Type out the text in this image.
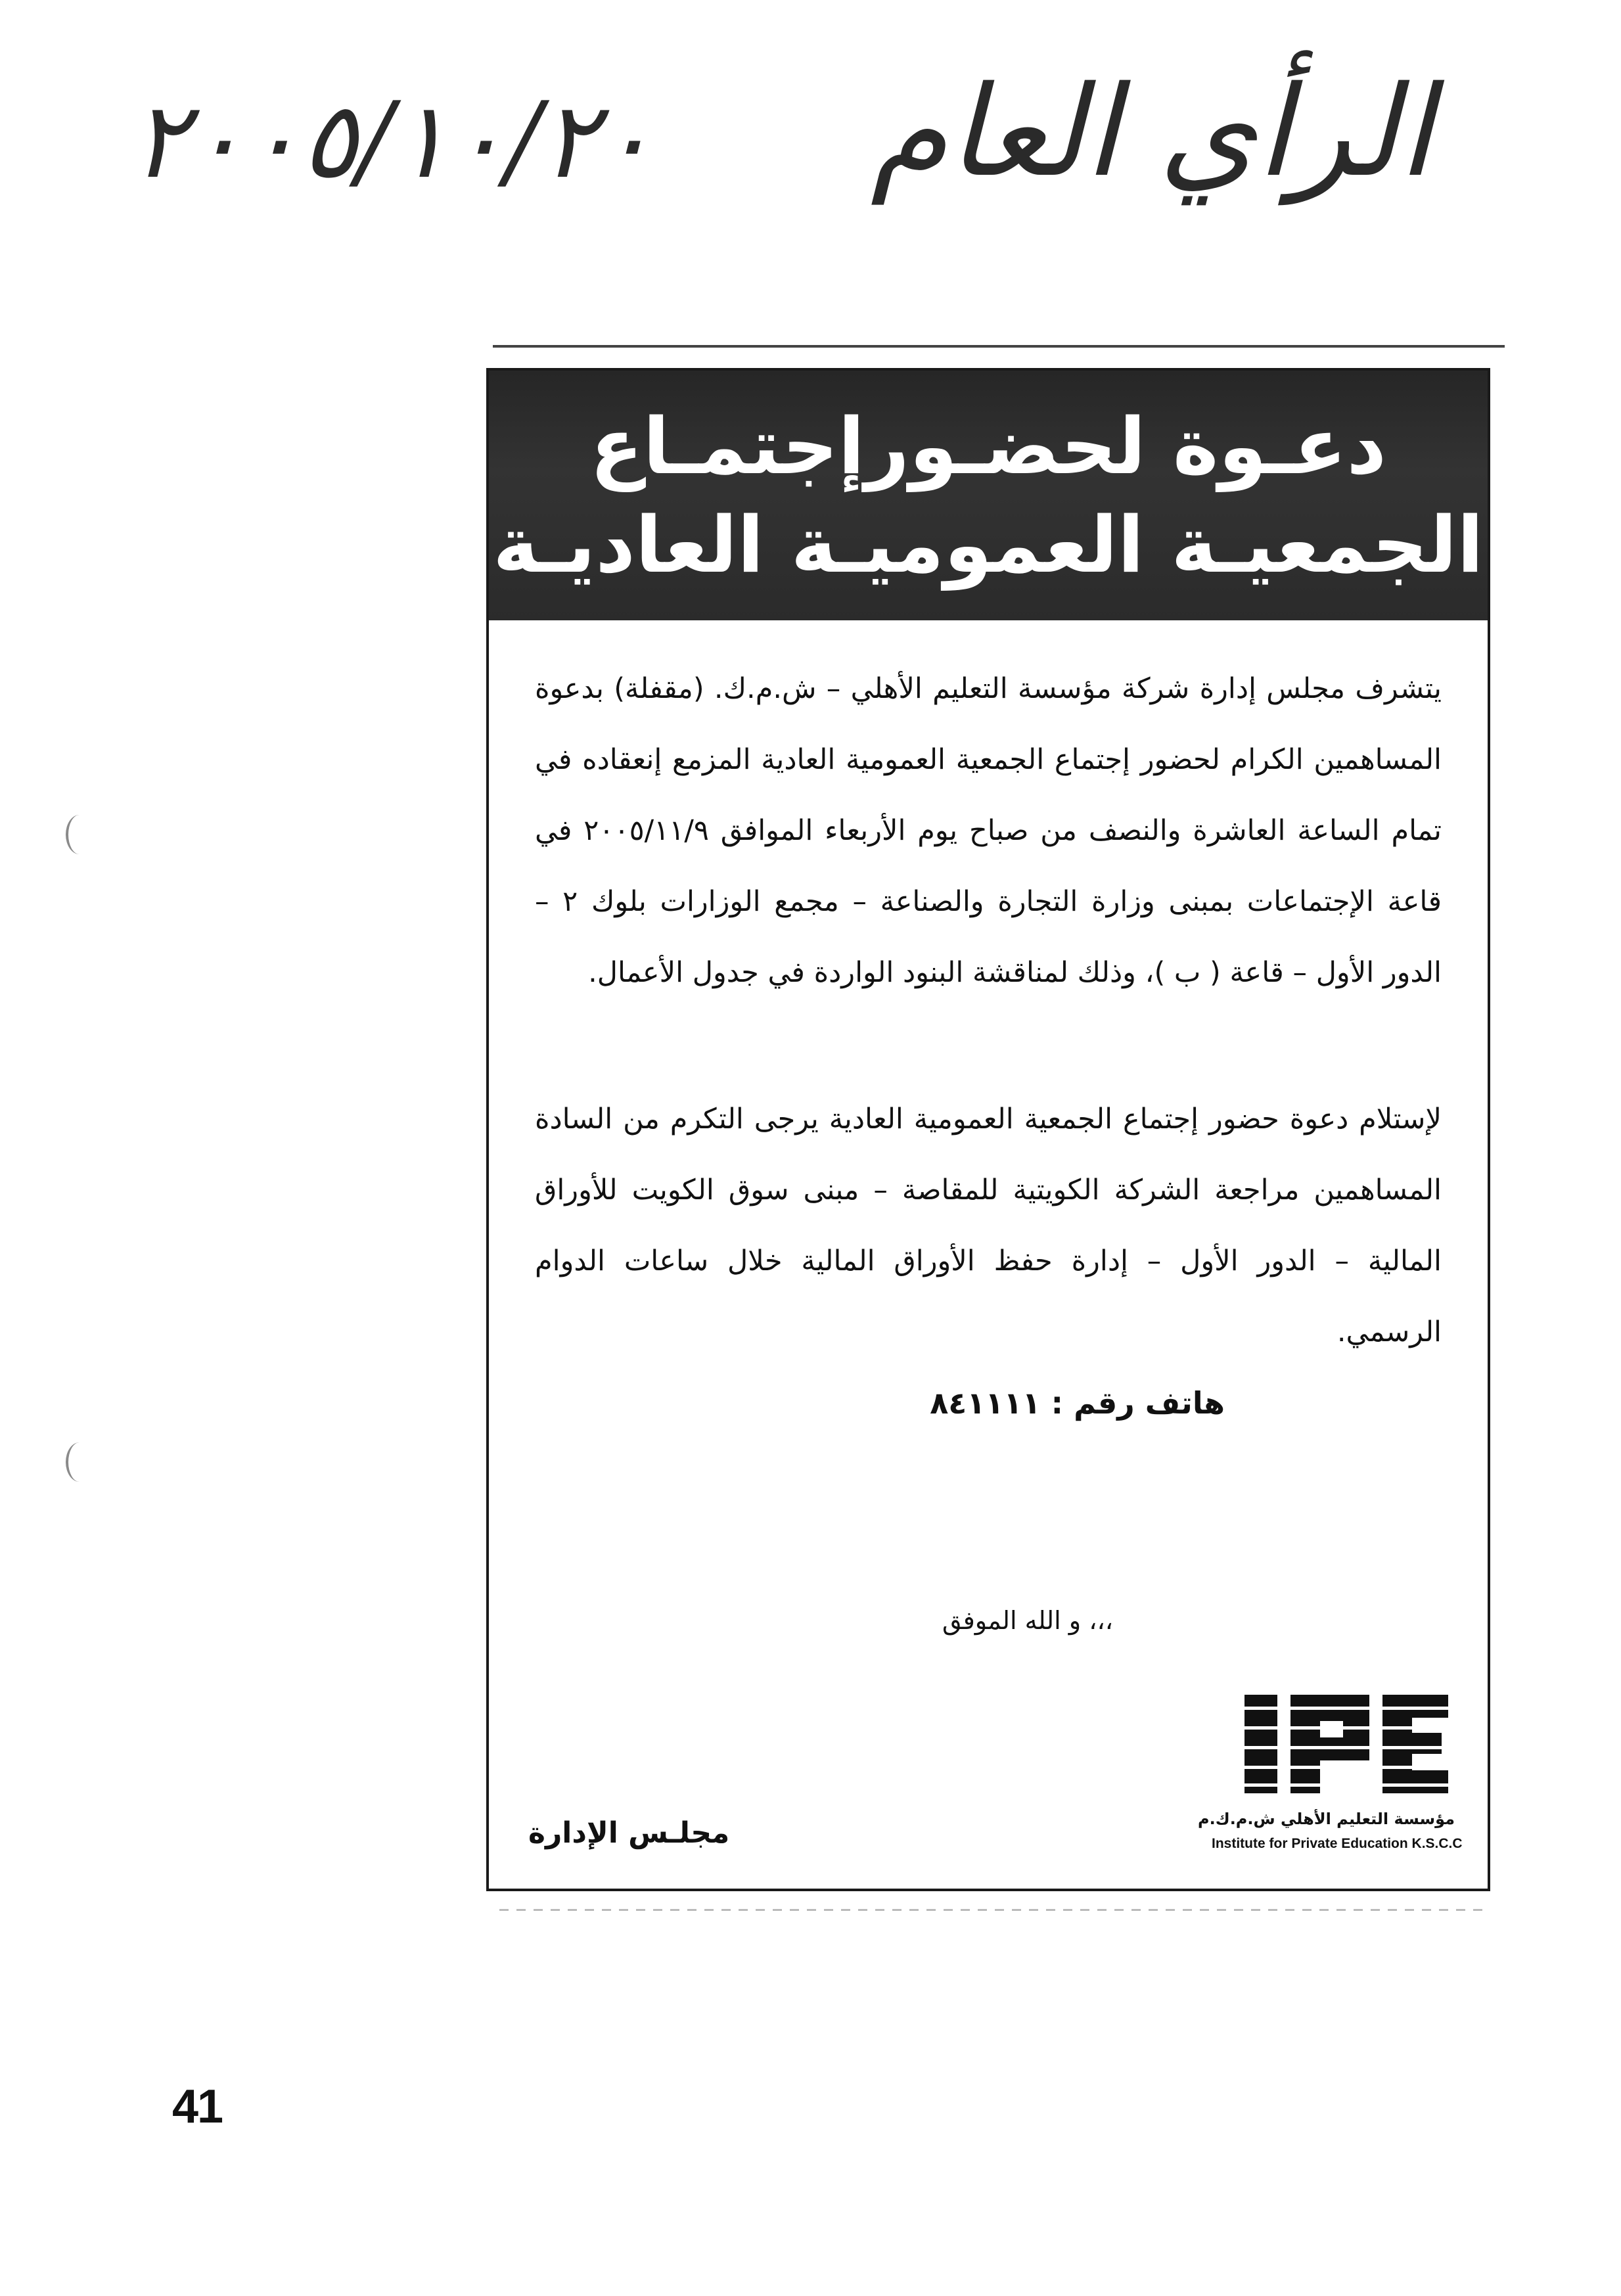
الرأي العام
٢٠٠٥/١٠/٢٠
دعـوة لحضـورإجتمـاع
الجمعيـة العموميـة العاديـة

يتشرف مجلس إدارة شركة مؤسسة التعليم الأهلي – ش.م.ك. (مقفلة) بدعوة المساهمين الكرام لحضور إجتماع الجمعية العمومية العادية المزمع إنعقاده في تمام الساعة العاشرة والنصف من صباح يوم الأربعاء الموافق ٢٠٠٥/١١/٩ في قاعة الإجتماعات بمبنى وزارة التجارة والصناعة – مجمع الوزارات بلوك ٢ – الدور الأول – قاعة ( ب )، وذلك لمناقشة البنود الواردة في جدول الأعمال.

لإستلام دعوة حضور إجتماع الجمعية العمومية العادية يرجى التكرم من السادة المساهمين مراجعة الشركة الكويتية للمقاصة – مبنى سوق الكويت للأوراق المالية – الدور الأول – إدارة حفظ الأوراق المالية خلال ساعات الدوام الرسمي.

هاتف رقم : ٨٤١١١١
،،، و الله الموفق
مؤسسة التعليم الأهلي ش.م.ك.م
Institute for Private Education K.S.C.C
مجلـس الإدارة
41
